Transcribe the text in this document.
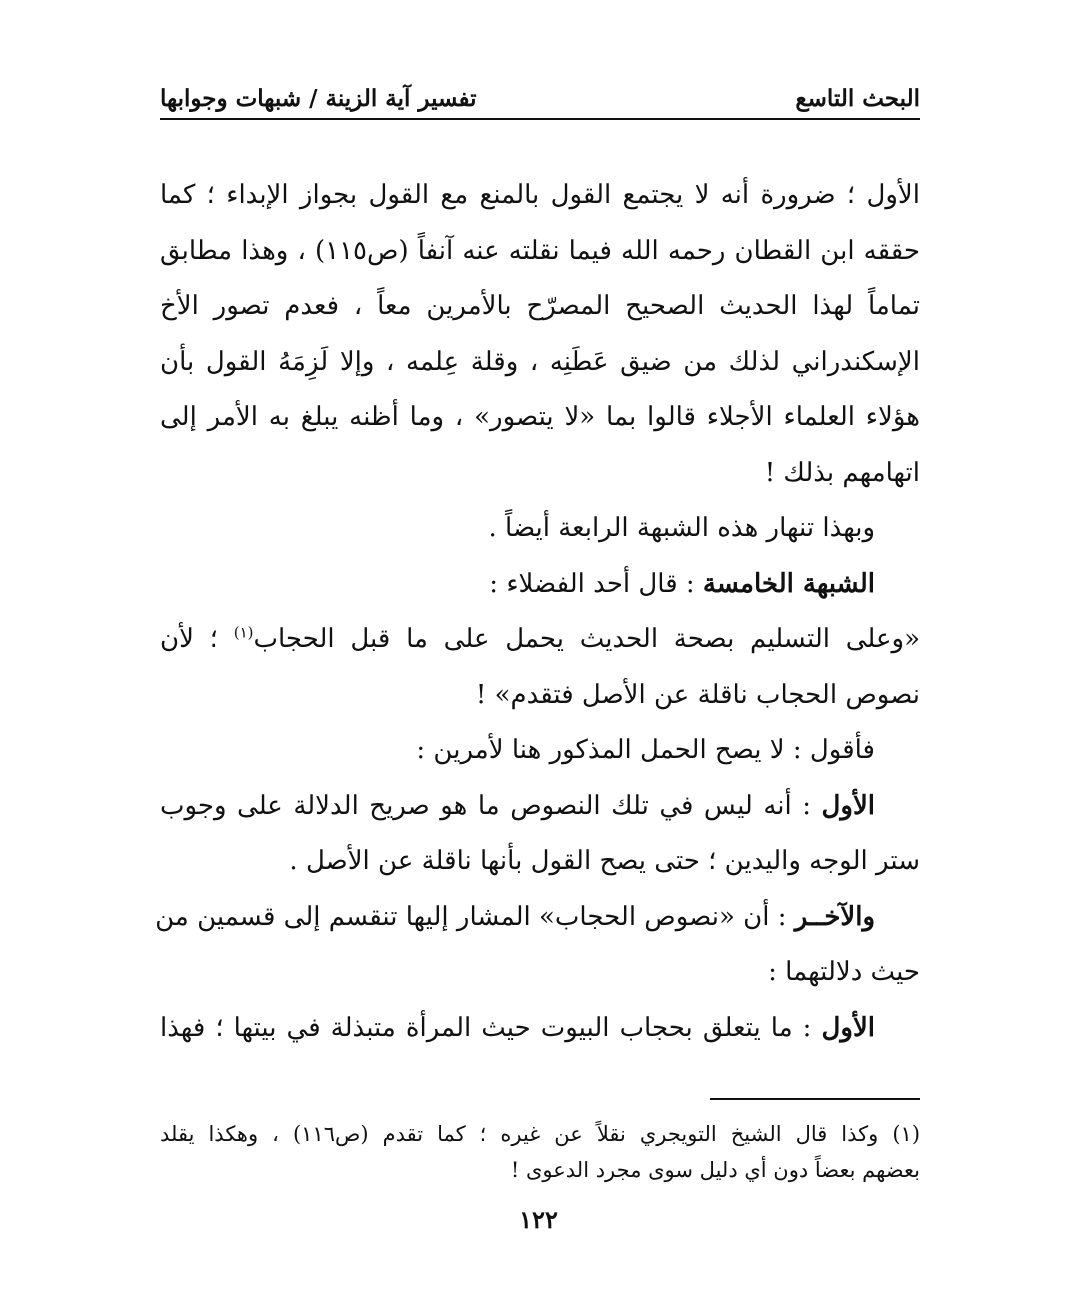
البحث التاسع
تفسير آية الزينة / شبهات وجوابها
الأول ؛ ضرورة أنه لا يجتمع القول بالمنع مع القول بجواز الإبداء ؛ كما
حققه ابن القطان رحمه الله فيما نقلته عنه آنفاً (ص١١٥) ، وهذا مطابق
تماماً لهذا الحديث الصحيح المصرّح بالأمرين معاً ، فعدم تصور الأخ
الإسكندراني لذلك من ضيق عَطَنِه ، وقلة عِلمه ، وإلا لَزِمَهُ القول بأن
هؤلاء العلماء الأجلاء قالوا بما «لا يتصور» ، وما أظنه يبلغ به الأمر إلى
اتهامهم بذلك !
وبهذا تنهار هذه الشبهة الرابعة أيضاً .
الشبهة الخامسة : قال أحد الفضلاء :
«وعلى التسليم بصحة الحديث يحمل على ما قبل الحجاب$^{(١)}$ ؛ لأن
نصوص الحجاب ناقلة عن الأصل فتقدم» !
فأقول : لا يصح الحمل المذكور هنا لأمرين :
الأول : أنه ليس في تلك النصوص ما هو صريح الدلالة على وجوب
ستر الوجه واليدين ؛ حتى يصح القول بأنها ناقلة عن الأصل .
والآخــر : أن «نصوص الحجاب» المشار إليها تنقسم إلى قسمين من
حيث دلالتهما :
الأول : ما يتعلق بحجاب البيوت حيث المرأة متبذلة في بيتها ؛ فهذا
(١) وكذا قال الشيخ التويجري نقلاً عن غيره ؛ كما تقدم (ص١١٦) ، وهكذا يقلد
بعضهم بعضاً دون أي دليل سوى مجرد الدعوى !
١٢٢
